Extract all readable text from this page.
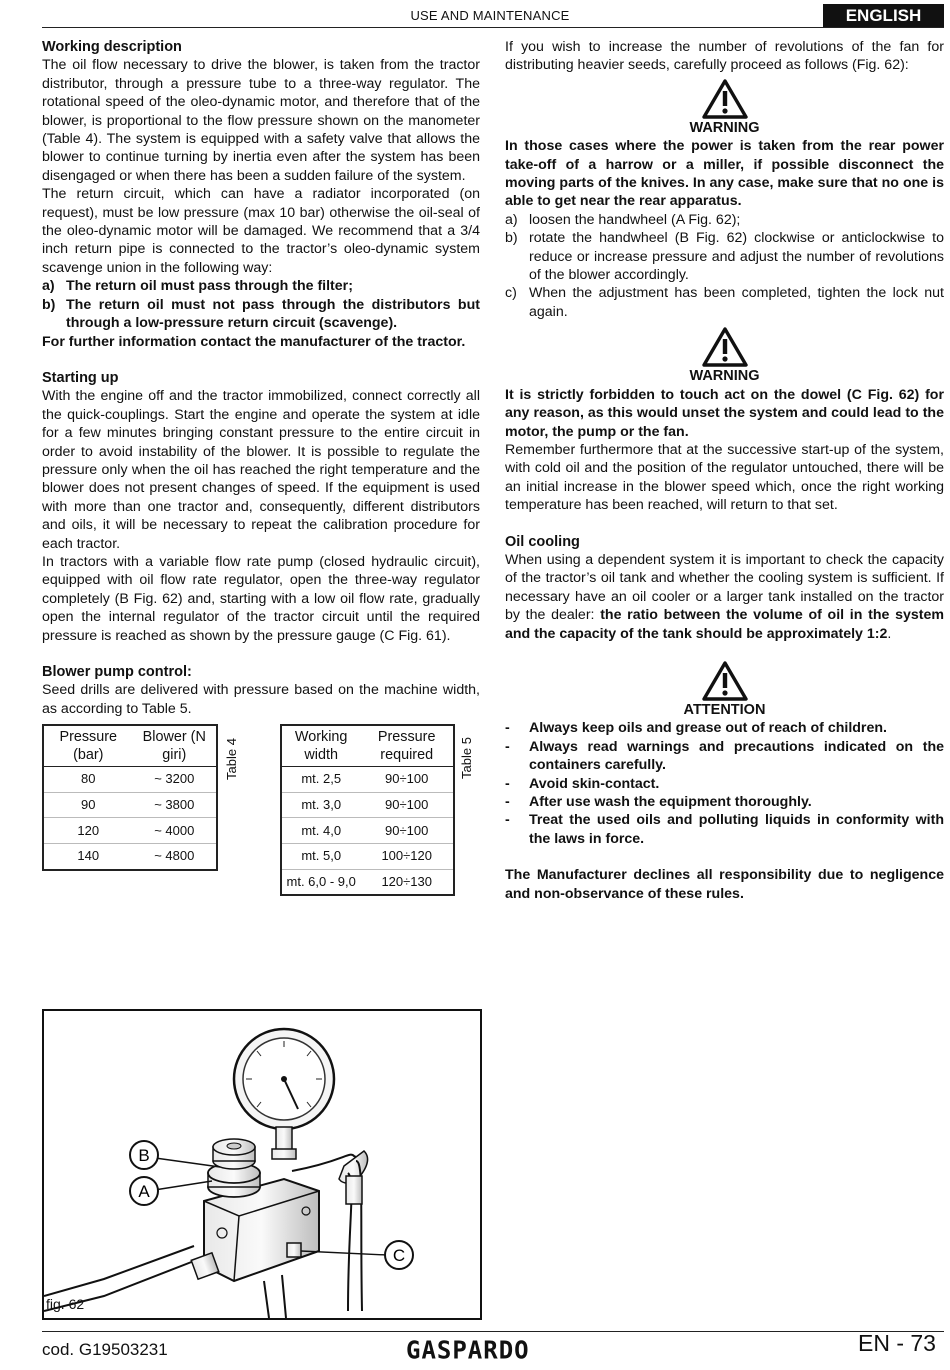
USE AND MAINTENANCE	ENGLISH
Working description

The oil flow necessary to drive the blower, is taken from the tractor distributor, through a pressure tube to a three-way regulator. The rotational speed of the oleo-dynamic motor, and therefore that of the blower, is proportional to the flow pressure shown on the manometer (Table 4). The system is equipped with a safety valve that allows the blower to continue turning by inertia even after the system has been disengaged or when there has been a sudden failure of the system.

The return circuit, which can have a radiator incorporated (on request), must be low pressure (max 10 bar) otherwise the oil-seal of the oleo-dynamic motor will be damaged. We recommend that a 3/4 inch return pipe is connected to the tractor’s oleo-dynamic system scavenge union in the following way:

a) The return oil must pass through the filter;
b) The return oil must not pass through the distributors but through a low-pressure return circuit (scavenge).

For further information contact the manufacturer of the tractor.

Starting up

With the engine off and the tractor immobilized, connect correctly all the quick-couplings. Start the engine and operate the system at idle for a few minutes bringing constant pressure to the entire circuit in order to avoid instability of the blower. It is possible to regulate the pressure only when the oil has reached the right temperature and the blower does not present changes of speed. If the equipment is used with more than one tractor and, consequently, different distributors and oils, it will be necessary to repeat the calibration procedure for each tractor.

In tractors with a variable flow rate pump (closed hydraulic circuit), equipped with oil flow rate regulator, open the three-way regulator completely (B Fig. 62) and, starting with a low oil flow rate, gradually open the internal regulator of the tractor circuit until the required pressure is reached as shown by the pressure gauge (C Fig. 61).

Blower pump control:

Seed drills are delivered with pressure based on the machine width, as according to Table 5.

Pressure (bar)	Blower (N giri)
80	~ 3200
90	~ 3800
120	~ 4000
140	~ 4800
Table 4
Working width	Pressure required
mt. 2,5	90÷100
mt. 3,0	90÷100
mt. 4,0	90÷100
mt. 5,0	100÷120
mt. 6,0 - 9,0	120÷130
Table 5

If you wish to increase the number of revolutions of the fan for distributing heavier seeds, carefully proceed as follows (Fig. 62):

WARNING

In those cases where the power is taken from the rear power take-off of a harrow or a miller, if possible disconnect the moving parts of the knives. In any case, make sure that no one is able to get near the rear apparatus.

a) loosen the handwheel (A Fig. 62);
b) rotate the handwheel (B Fig. 62) clockwise or anticlockwise to reduce or increase pressure and adjust the number of revolutions of the blower accordingly.
c) When the adjustment has been completed, tighten the lock nut again.
WARNING

It is strictly forbidden to touch act on the dowel (C Fig. 62) for any reason, as this would unset the system and could lead to the motor, the pump or the fan.

Remember furthermore that at the successive start-up of the system, with cold oil and the position of the regulator untouched, there will be an initial increase in the blower speed which, once the right working temperature has been reached, will return to that set.

Oil cooling

When using a dependent system it is important to check the capacity of the tractor’s oil tank and whether the cooling system is sufficient. If necessary have an oil cooler or a larger tank installed on the tractor by the dealer: the ratio between the volume of oil in the system and the capacity of the tank should be approximately 1:2.

ATTENTION
- Always keep oils and grease out of reach of children.
- Always read warnings and precautions indicated on the containers carefully.
- Avoid skin-contact.
- After use wash the equipment thoroughly.
- Treat the used oils and polluting liquids in conformity with the laws in force.

The Manufacturer declines all responsibility due to negligence and non-observance of these rules.

B
A
C
fig. 62
cod. G19503231	GASPARDO	EN - 73
